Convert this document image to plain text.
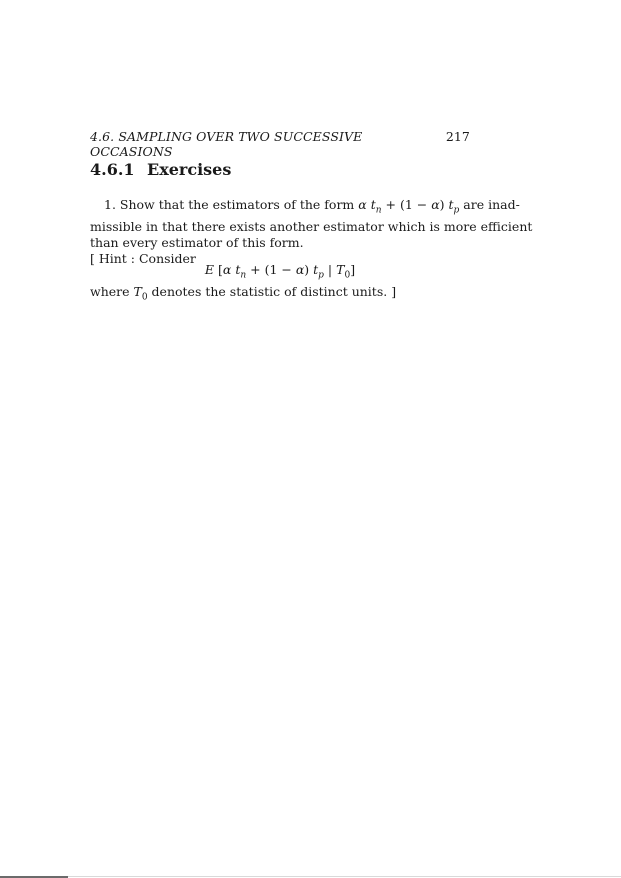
4.6. SAMPLING OVER TWO SUCCESSIVE OCCASIONS
217
4.6.1 Exercises
1. Show that the estimators of the form α $t_n + (1 - \alpha)$ $t_p$ are inad-
missible in that there exists another estimator which is more efficient
than every estimator of this form.
[ Hint : Consider
E [α $t_n + (1 - \alpha)$ $t_p$ | $T_0$]
where $T_0$ denotes the statistic of distinct units. ]
